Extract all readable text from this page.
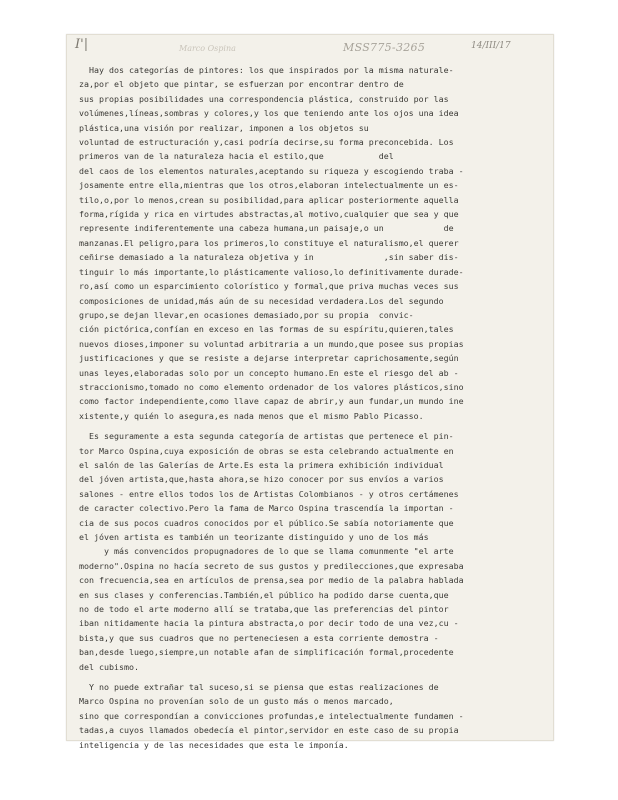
I'|	Marco Ospina	MSS775-3265	14/III/17
Hay dos categorías de pintores: los que inspirados por la misma naturale-
za,por el objeto que pintar, se esfuerzan por encontrar dentro de
sus propias posibilidades una correspondencia plástica, construido por las
volúmenes,líneas,sombras y colores,y los que teniendo ante los ojos una idea
plástica,una visión por realizar, imponen a los objetos su
voluntad de estructuración y,casi podría decirse,su forma preconcebida. Los
primeros van de la naturaleza hacia el estilo,que           del
del caos de los elementos naturales,aceptando su riqueza y escogiendo traba -
josamente entre ella,mientras que los otros,elaboran intelectualmente un es-
tilo,o,por lo menos,crean su posibilidad,para aplicar posteriormente aquella
forma,rígida y rica en virtudes abstractas,al motivo,cualquier que sea y que
represente indiferentemente una cabeza humana,un paisaje,o un            de
manzanas.El peligro,para los primeros,lo constituye el naturalismo,el querer
ceñirse demasiado a la naturaleza objetiva y in              ,sin saber dis-
tinguir lo más importante,lo plásticamente valioso,lo definitivamente durade-
ro,así como un esparcimiento colorístico y formal,que priva muchas veces sus
composiciones de unidad,más aún de su necesidad verdadera.Los del segundo
grupo,se dejan llevar,en ocasiones demasiado,por su propia  convic-
ción pictórica,confían en exceso en las formas de su espíritu,quieren,tales
nuevos dioses,imponer su voluntad arbitraria a un mundo,que posee sus propias
justificaciones y que se resiste a dejarse interpretar caprichosamente,según
unas leyes,elaboradas solo por un concepto humano.En este el riesgo del ab -
straccionismo,tomado no como elemento ordenador de los valores plásticos,sino
como factor independiente,como llave capaz de abrir,y aun fundar,un mundo ine
xistente,y quién lo asegura,es nada menos que el mismo Pablo Picasso.
Es seguramente a esta segunda categoría de artistas que pertenece el pin-
tor Marco Ospina,cuya exposición de obras se esta celebrando actualmente en
el salón de las Galerías de Arte.Es esta la primera exhibición individual
del jóven artista,que,hasta ahora,se hizo conocer por sus envíos a varios
salones - entre ellos todos los de Artistas Colombianos - y otros certámenes
de caracter colectivo.Pero la fama de Marco Ospina trascendía la importan -
cia de sus pocos cuadros conocidos por el público.Se sabía notoriamente que
el jóven artista es también un teorizante distinguido y uno de los más
y más convencidos propugnadores de lo que se llama comunmente "el arte
moderno".Ospina no hacía secreto de sus gustos y predilecciones,que expresaba
con frecuencia,sea en artículos de prensa,sea por medio de la palabra hablada
en sus clases y conferencias.También,el público ha podido darse cuenta,que
no de todo el arte moderno allí se trataba,que las preferencias del pintor
iban nitidamente hacia la pintura abstracta,o por decir todo de una vez,cu -
bista,y que sus cuadros que no perteneciesen a esta corriente demostra -
ban,desde luego,siempre,un notable afan de simplificación formal,procedente
del cubismo.
Y no puede extrañar tal suceso,si se piensa que estas realizaciones de
Marco Ospina no provenían solo de un gusto más o menos marcado,
sino que correspondían a convicciones profundas,e intelectualmente fundamen -
tadas,a cuyos llamados obedecía el pintor,servidor en este caso de su propia
inteligencia y de las necesidades que esta le imponía.
